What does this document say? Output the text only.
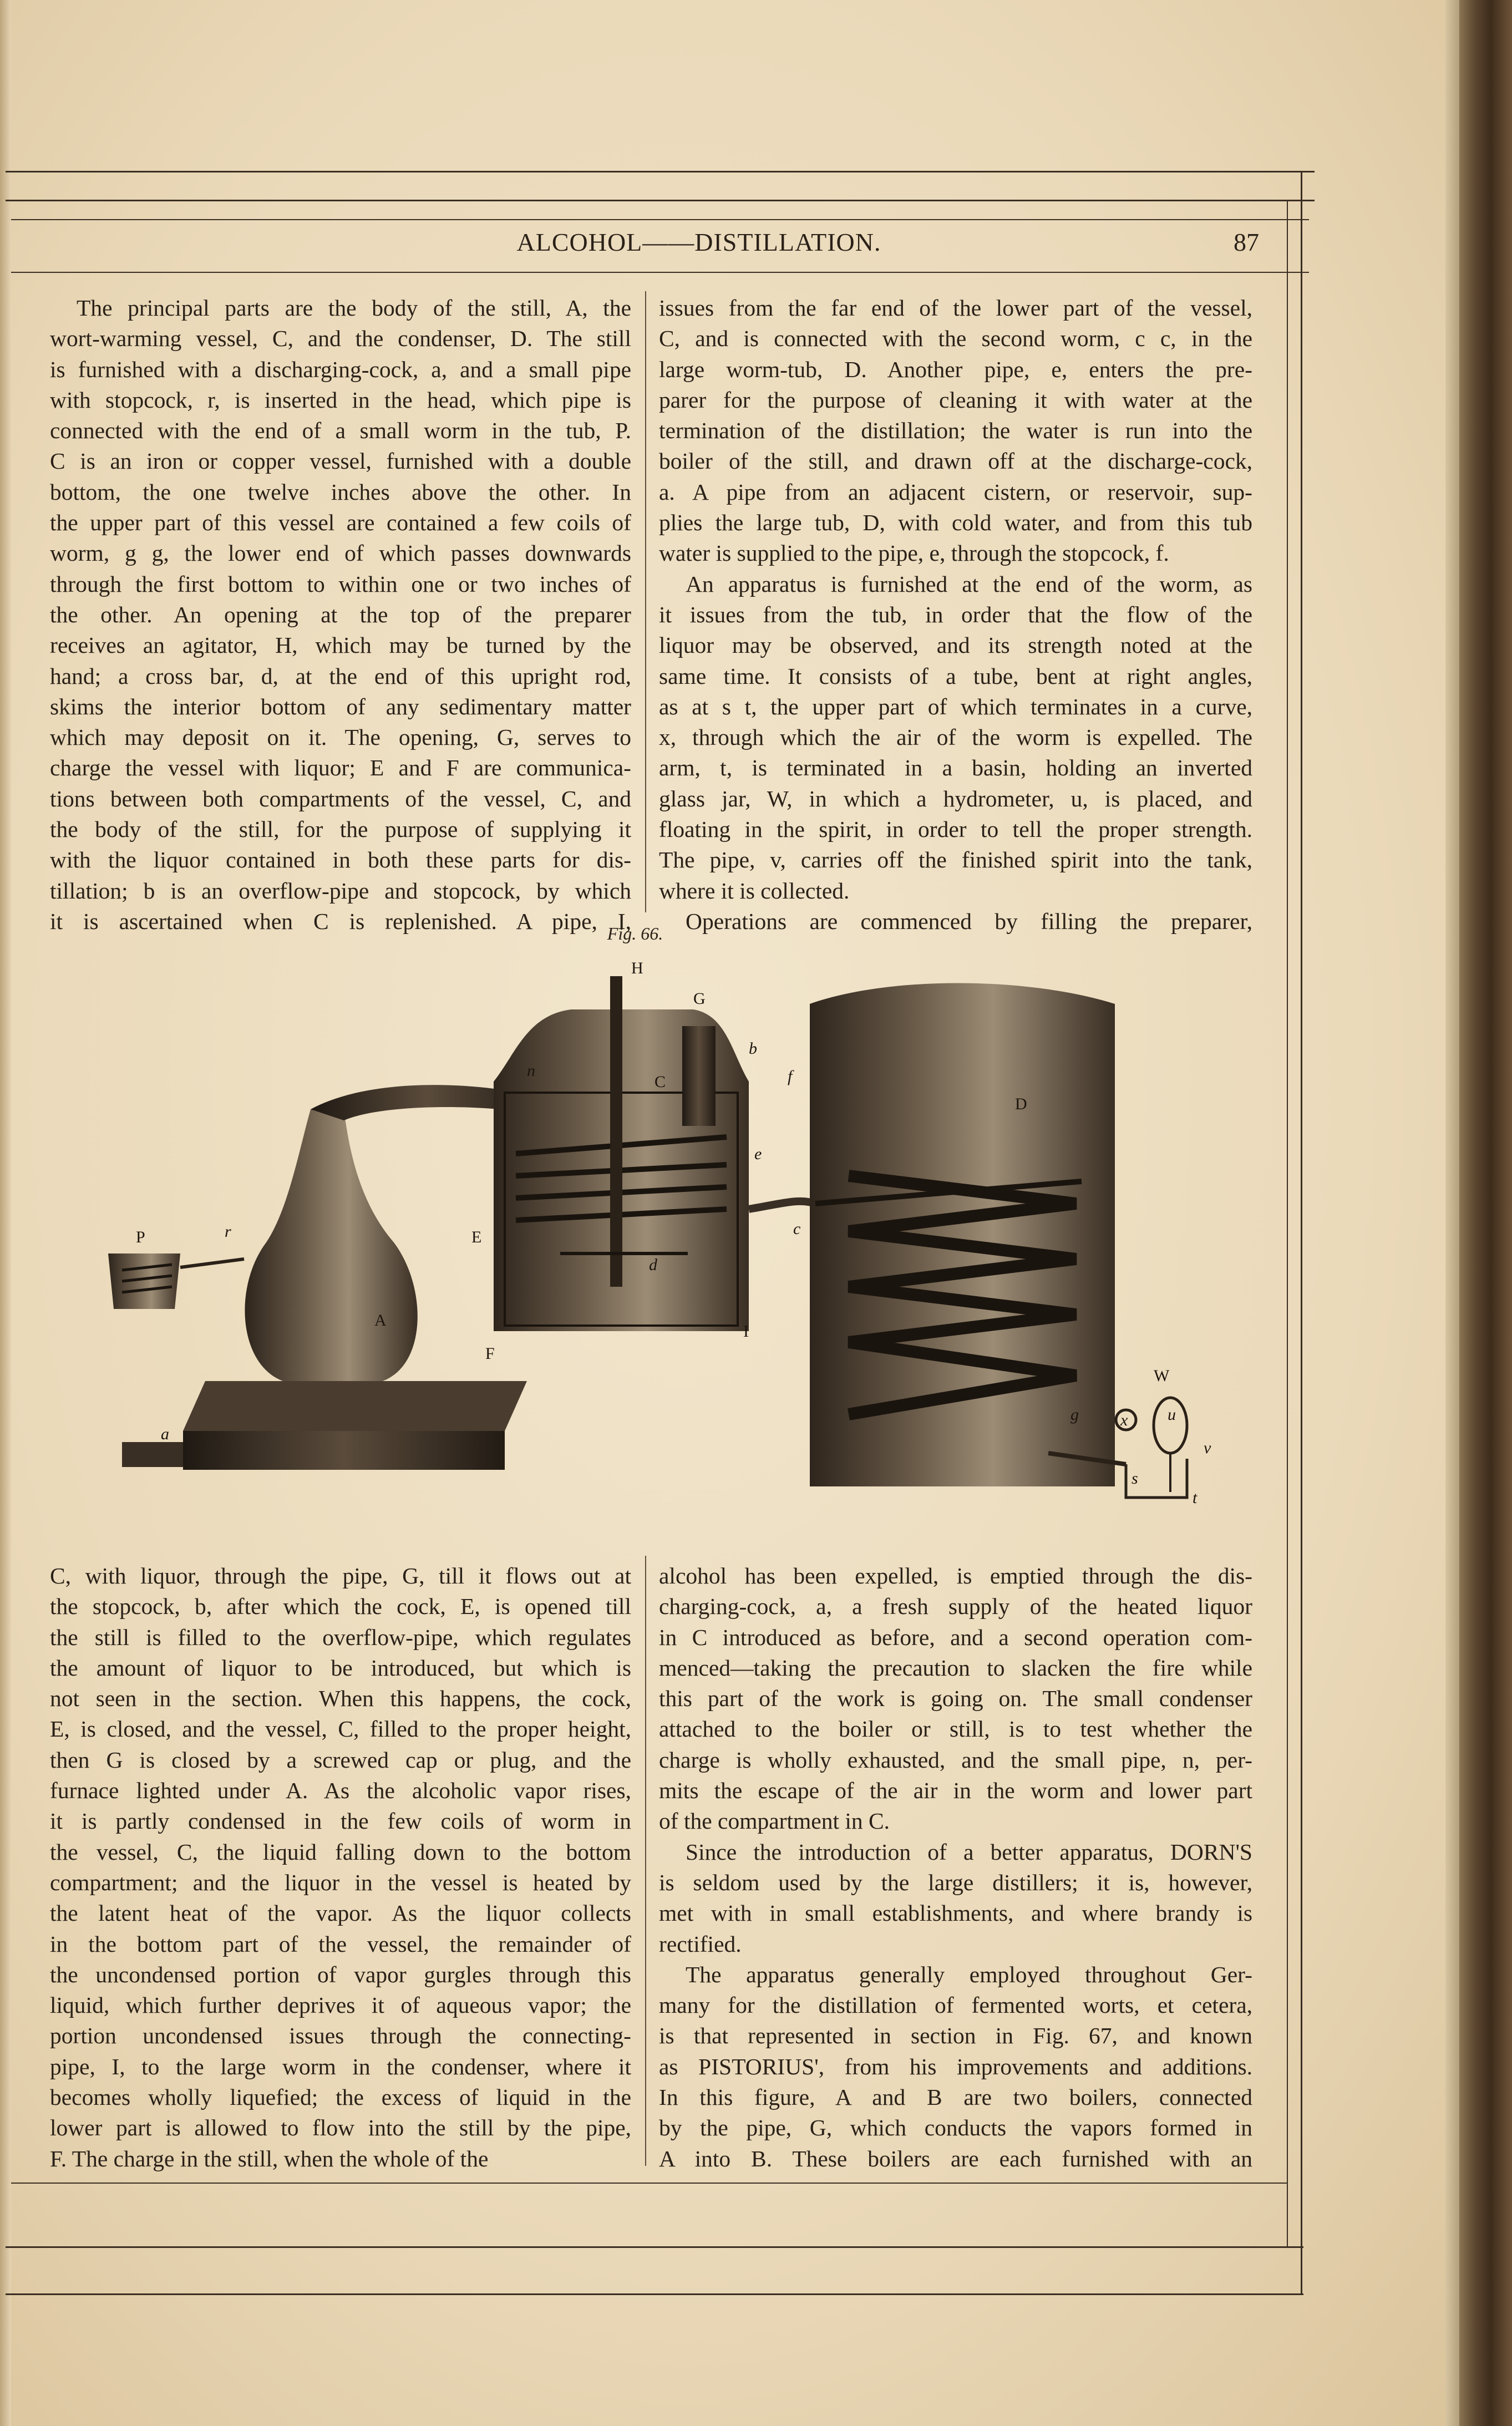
ALCOHOL——DISTILLATION.	87

The principal parts are the body of the still, A, the

wort-warming vessel, C, and the condenser, D. The still

is furnished with a discharging-cock, a, and a small pipe

with stopcock, r, is inserted in the head, which pipe is

connected with the end of a small worm in the tub, P.

C is an iron or copper vessel, furnished with a double

bottom, the one twelve inches above the other. In

the upper part of this vessel are contained a few coils of

worm, g g, the lower end of which passes downwards

through the first bottom to within one or two inches of

the other. An opening at the top of the preparer

receives an agitator, H, which may be turned by the

hand; a cross bar, d, at the end of this upright rod,

skims the interior bottom of any sedimentary matter

which may deposit on it. The opening, G, serves to

charge the vessel with liquor; E and F are communica-

tions between both compartments of the vessel, C, and

the body of the still, for the purpose of supplying it

with the liquor contained in both these parts for dis-

tillation; b is an overflow-pipe and stopcock, by which

it is ascertained when C is replenished. A pipe, I,

issues from the far end of the lower part of the vessel,

C, and is connected with the second worm, c c, in the

large worm-tub, D. Another pipe, e, enters the pre-

parer for the purpose of cleaning it with water at the

termination of the distillation; the water is run into the

boiler of the still, and drawn off at the discharge-cock,

a. A pipe from an adjacent cistern, or reservoir, sup-

plies the large tub, D, with cold water, and from this tub

water is supplied to the pipe, e, through the stopcock, f.

An apparatus is furnished at the end of the worm, as

it issues from the tub, in order that the flow of the

liquor may be observed, and its strength noted at the

same time. It consists of a tube, bent at right angles,

as at s t, the upper part of which terminates in a curve,

x, through which the air of the worm is expelled. The

arm, t, is terminated in a basin, holding an inverted

glass jar, W, in which a hydrometer, u, is placed, and

floating in the spirit, in order to tell the proper strength.

The pipe, v, carries off the finished spirit into the tank,

where it is collected.

Operations are commenced by filling the preparer,

Fig. 66.
H
G
C
D
b
f
e
c
n
d
I
E
F
A
P	r
a
W
u
x
s
t
v
g

C, with liquor, through the pipe, G, till it flows out at

the stopcock, b, after which the cock, E, is opened till

the still is filled to the overflow-pipe, which regulates

the amount of liquor to be introduced, but which is

not seen in the section. When this happens, the cock,

E, is closed, and the vessel, C, filled to the proper height,

then G is closed by a screwed cap or plug, and the

furnace lighted under A. As the alcoholic vapor rises,

it is partly condensed in the few coils of worm in

the vessel, C, the liquid falling down to the bottom

compartment; and the liquor in the vessel is heated by

the latent heat of the vapor. As the liquor collects

in the bottom part of the vessel, the remainder of

the uncondensed portion of vapor gurgles through this

liquid, which further deprives it of aqueous vapor; the

portion uncondensed issues through the connecting-

pipe, I, to the large worm in the condenser, where it

becomes wholly liquefied; the excess of liquid in the

lower part is allowed to flow into the still by the pipe,

F. The charge in the still, when the whole of the

alcohol has been expelled, is emptied through the dis-

charging-cock, a, a fresh supply of the heated liquor

in C introduced as before, and a second operation com-

menced—taking the precaution to slacken the fire while

this part of the work is going on. The small condenser

attached to the boiler or still, is to test whether the

charge is wholly exhausted, and the small pipe, n, per-

mits the escape of the air in the worm and lower part

of the compartment in C.

Since the introduction of a better apparatus, DORN'S

is seldom used by the large distillers; it is, however,

met with in small establishments, and where brandy is

rectified.

The apparatus generally employed throughout Ger-

many for the distillation of fermented worts, et cetera,

is that represented in section in Fig. 67, and known

as PISTORIUS', from his improvements and additions.

In this figure, A and B are two boilers, connected

by the pipe, G, which conducts the vapors formed in

A into B. These boilers are each furnished with an
